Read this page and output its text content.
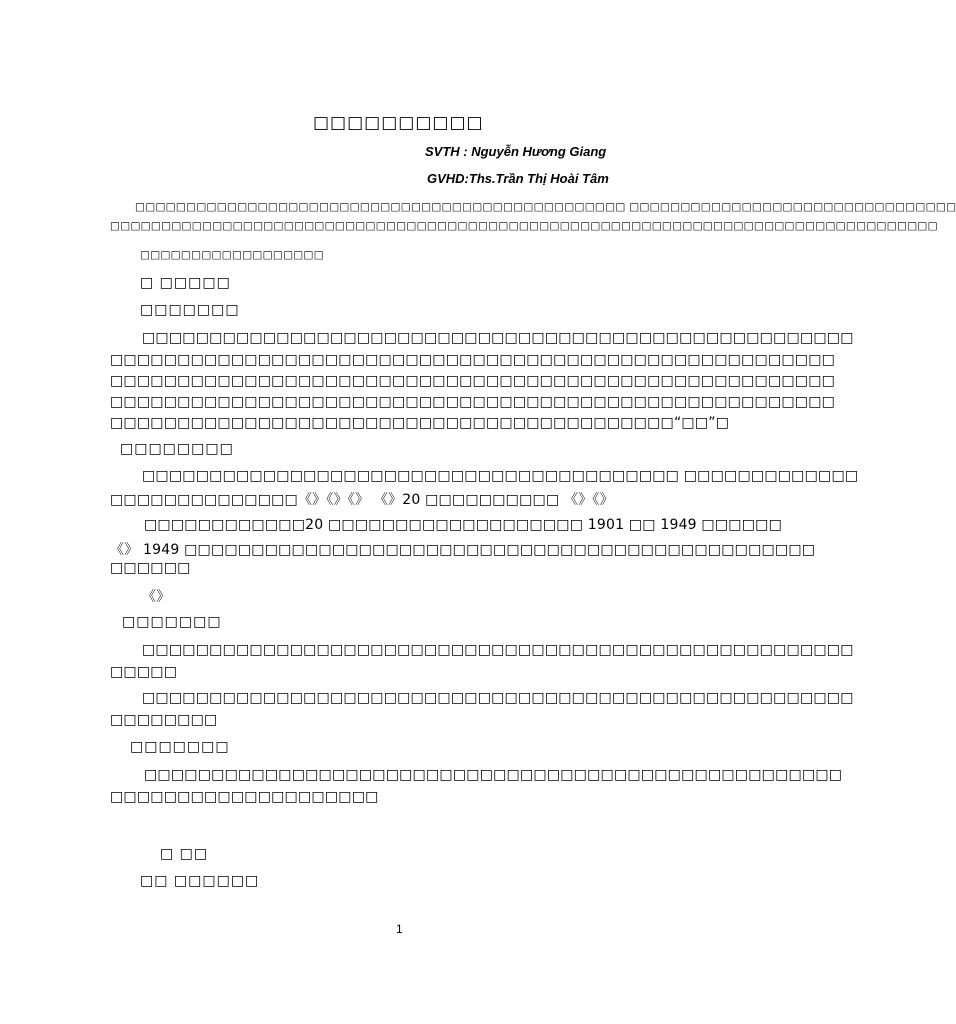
□□□□□□□□□□
SVTH : Nguyễn Hương Giang
GVHD:Ths.Trần Thị Hoài Tâm
□□□□□□□□□□□□□□□□□□□□□□□□□□□□□□□□□□□□□□□□□□□□□□□□ □□□□□□□□□□□□□□□□□□□□□□□□□□□□□□□□
□□□□□□□□□□□□□□□□□□□□□□□□□□□□□□□□□□□□□□□□□□□□□□□□□□□□□□□□□□□□□□□□□□□□□□□□□□□□□□□□□
□□□□□□□□□□□□□□□□□□
□ □□□□□
□□□□□□□
□□□□□□□□□□□□□□□□□□□□□□□□□□□□□□□□□□□□□□□□□□□□□□□□□□□□□
□□□□□□□□□□□□□□□□□□□□□□□□□□□□□□□□□□□□□□□□□□□□□□□□□□□□□□
□□□□□□□□□□□□□□□□□□□□□□□□□□□□□□□□□□□□□□□□□□□□□□□□□□□□□□
□□□□□□□□□□□□□□□□□□□□□□□□□□□□□□□□□□□□□□□□□□□□□□□□□□□□□□
□□□□□□□□□□□□□□□□□□□□□□□□□□□□□□□□□□□□□□□□□□“□□”□
□□□□□□□□
□□□□□□□□□□□□□□□□□□□□□□□□□□□□□□□□□□□□□□□□ □□□□□□□□□□□□□
□□□□□□□□□□□□□□《》《》《》 《》20 □□□□□□□□□□ 《》《》
□□□□□□□□□□□□20 □□□□□□□□□□□□□□□□□□□ 1901 □□ 1949 □□□□□□
《》 1949 □□□□□□□□□□□□□□□□□□□□□□□□□□□□□□□□□□□□□□□□□□□□□□□
□□□□□□
《》
□□□□□□□
□□□□□□□□□□□□□□□□□□□□□□□□□□□□□□□□□□□□□□□□□□□□□□□□□□□□□
□□□□□
□□□□□□□□□□□□□□□□□□□□□□□□□□□□□□□□□□□□□□□□□□□□□□□□□□□□□
□□□□□□□□
□□□□□□□
□□□□□□□□□□□□□□□□□□□□□□□□□□□□□□□□□□□□□□□□□□□□□□□□□□□□
□□□□□□□□□□□□□□□□□□□□
□ □□
□□ □□□□□□
1
